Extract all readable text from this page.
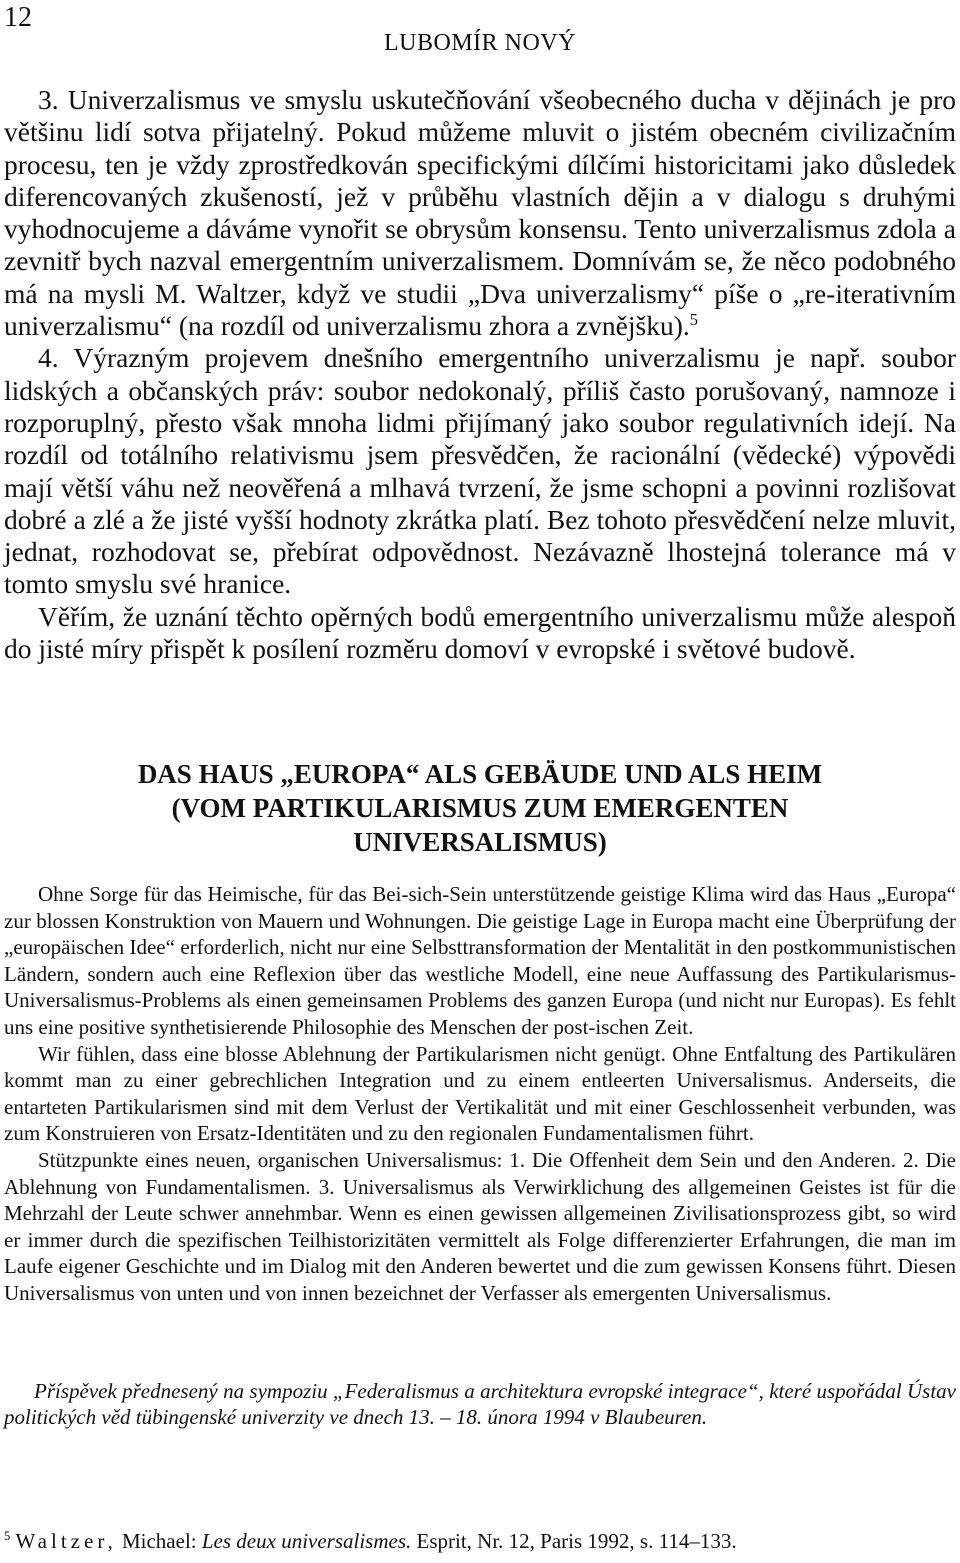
12
LUBOMÍR NOVÝ

3. Univerzalismus ve smyslu uskutečňování všeobecného ducha v dějinách je pro většinu lidí sotva přijatelný. Pokud můžeme mluvit o jistém obecném civilizačním procesu, ten je vždy zprostředkován specifickými dílčími historicitami jako důsledek diferencovaných zkušeností, jež v průběhu vlastních dějin a v dialogu s druhými vyhodnocujeme a dáváme vynořit se obrysům konsensu. Tento univerzalismus zdola a zevnitř bych nazval emergentním univerzalismem. Domnívám se, že něco podobného má na mysli M. Waltzer, když ve studii „Dva univerzalismy“ píše o „re-iterativním univerzalismu“ (na rozdíl od univerzalismu zhora a zvnějšku).$^5$

4. Výrazným projevem dnešního emergentního univerzalismu je např. soubor lidských a občanských práv: soubor nedokonalý, příliš často porušovaný, namnoze i rozporuplný, přesto však mnoha lidmi přijímaný jako soubor regulativních idejí. Na rozdíl od totálního relativismu jsem přesvědčen, že racionální (vědecké) výpovědi mají větší váhu než neověřená a mlhavá tvrzení, že jsme schopni a povinni rozlišovat dobré a zlé a že jisté vyšší hodnoty zkrátka platí. Bez tohoto přesvědčení nelze mluvit, jednat, rozhodovat se, přebírat odpovědnost. Nezávazně lhostejná tolerance má v tomto smyslu své hranice.

Věřím, že uznání těchto opěrných bodů emergentního univerzalismu může alespoň do jisté míry přispět k posílení rozměru domoví v evropské i světové budově.

DAS HAUS „EUROPA“ ALS GEBÄUDE UND ALS HEIM
(VOM PARTIKULARISMUS ZUM EMERGENTEN
UNIVERSALISMUS)

Ohne Sorge für das Heimische, für das Bei-sich-Sein unterstützende geistige Klima wird das Haus „Europa“ zur blossen Konstruktion von Mauern und Wohnungen. Die geistige Lage in Europa macht eine Überprüfung der „europäischen Idee“ erforderlich, nicht nur eine Selbsttransformation der Mentalität in den postkommunistischen Ländern, sondern auch eine Reflexion über das westliche Modell, eine neue Auffassung des Partikularismus-Universalismus-Problems als einen gemeinsamen Problems des ganzen Europa (und nicht nur Europas). Es fehlt uns eine positive synthetisierende Philosophie des Menschen der post-ischen Zeit.

Wir fühlen, dass eine blosse Ablehnung der Partikularismen nicht genügt. Ohne Entfaltung des Partikulären kommt man zu einer gebrechlichen Integration und zu einem entleerten Universalismus. Anderseits, die entarteten Partikularismen sind mit dem Verlust der Vertikalität und mit einer Geschlossenheit verbunden, was zum Konstruieren von Ersatz-Identitäten und zu den regionalen Fundamentalismen führt.

Stützpunkte eines neuen, organischen Universalismus: 1. Die Offenheit dem Sein und den Anderen. 2. Die Ablehnung von Fundamentalismen. 3. Universalismus als Verwirklichung des allgemeinen Geistes ist für die Mehrzahl der Leute schwer annehmbar. Wenn es einen gewissen allgemeinen Zivilisationsprozess gibt, so wird er immer durch die spezifischen Teilhistorizitäten vermittelt als Folge differenzierter Erfahrungen, die man im Laufe eigener Geschichte und im Dialog mit den Anderen bewertet und die zum gewissen Konsens führt. Diesen Universalismus von unten und von innen bezeichnet der Verfasser als emergenten Universalismus.

Příspěvek přednesený na sympoziu „Federalismus a architektura evropské integrace“, které uspořádal Ústav politických věd tübingenské univerzity ve dnech 13. – 18. února 1994 v Blaubeuren.
$^5$ Waltzer, Michael: Les deux universalismes. Esprit, Nr. 12, Paris 1992, s. 114–133.
